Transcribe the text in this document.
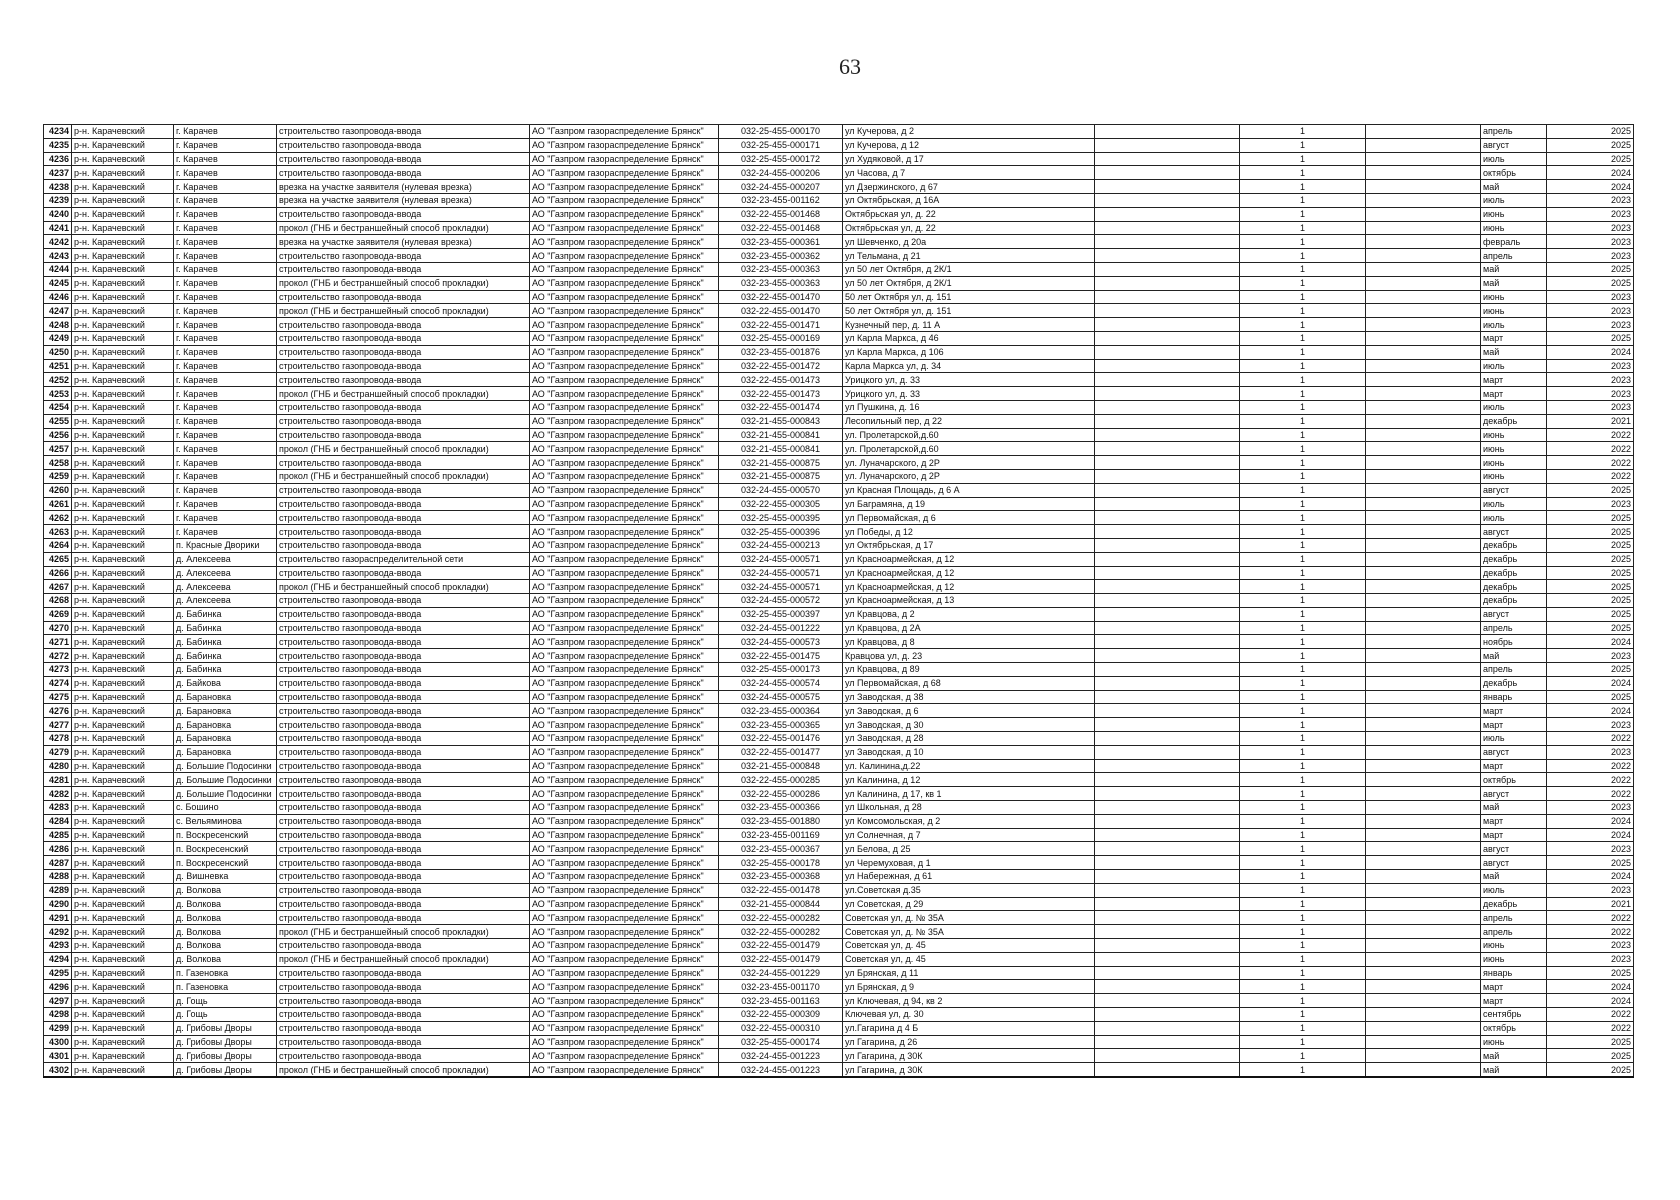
63
4234	р-н. Карачевский	г. Карачев	строительство газопровода-ввода	АО "Газпром газораспределение Брянск"	032-25-455-000170	ул Кучерова, д 2		1		апрель	2025
4235	р-н. Карачевский	г. Карачев	строительство газопровода-ввода	АО "Газпром газораспределение Брянск"	032-25-455-000171	ул Кучерова, д 12		1		август	2025
4236	р-н. Карачевский	г. Карачев	строительство газопровода-ввода	АО "Газпром газораспределение Брянск"	032-25-455-000172	ул Худяковой, д 17		1		июль	2025
4237	р-н. Карачевский	г. Карачев	строительство газопровода-ввода	АО "Газпром газораспределение Брянск"	032-24-455-000206	ул Часова, д 7		1		октябрь	2024
4238	р-н. Карачевский	г. Карачев	врезка на участке заявителя (нулевая врезка)	АО "Газпром газораспределение Брянск"	032-24-455-000207	ул Дзержинского, д 67		1		май	2024
4239	р-н. Карачевский	г. Карачев	врезка на участке заявителя (нулевая врезка)	АО "Газпром газораспределение Брянск"	032-23-455-001162	ул Октябрьская, д 16А		1		июль	2023
4240	р-н. Карачевский	г. Карачев	строительство газопровода-ввода	АО "Газпром газораспределение Брянск"	032-22-455-001468	Октябрьская ул, д. 22		1		июнь	2023
4241	р-н. Карачевский	г. Карачев	прокол (ГНБ и бестраншейный способ прокладки)	АО "Газпром газораспределение Брянск"	032-22-455-001468	Октябрьская ул, д. 22		1		июнь	2023
4242	р-н. Карачевский	г. Карачев	врезка на участке заявителя (нулевая врезка)	АО "Газпром газораспределение Брянск"	032-23-455-000361	ул Шевченко, д 20а		1		февраль	2023
4243	р-н. Карачевский	г. Карачев	строительство газопровода-ввода	АО "Газпром газораспределение Брянск"	032-23-455-000362	ул Тельмана, д 21		1		апрель	2023
4244	р-н. Карачевский	г. Карачев	строительство газопровода-ввода	АО "Газпром газораспределение Брянск"	032-23-455-000363	ул 50 лет Октября, д 2К/1		1		май	2025
4245	р-н. Карачевский	г. Карачев	прокол (ГНБ и бестраншейный способ прокладки)	АО "Газпром газораспределение Брянск"	032-23-455-000363	ул 50 лет Октября, д 2К/1		1		май	2025
4246	р-н. Карачевский	г. Карачев	строительство газопровода-ввода	АО "Газпром газораспределение Брянск"	032-22-455-001470	50 лет Октября ул, д. 151		1		июнь	2023
4247	р-н. Карачевский	г. Карачев	прокол (ГНБ и бестраншейный способ прокладки)	АО "Газпром газораспределение Брянск"	032-22-455-001470	50 лет Октября ул, д. 151		1		июнь	2023
4248	р-н. Карачевский	г. Карачев	строительство газопровода-ввода	АО "Газпром газораспределение Брянск"	032-22-455-001471	Кузнечный пер, д. 11 А		1		июль	2023
4249	р-н. Карачевский	г. Карачев	строительство газопровода-ввода	АО "Газпром газораспределение Брянск"	032-25-455-000169	ул Карла Маркса, д 46		1		март	2025
4250	р-н. Карачевский	г. Карачев	строительство газопровода-ввода	АО "Газпром газораспределение Брянск"	032-23-455-001876	ул Карла Маркса, д 106		1		май	2024
4251	р-н. Карачевский	г. Карачев	строительство газопровода-ввода	АО "Газпром газораспределение Брянск"	032-22-455-001472	Карла Маркса ул, д. 34		1		июль	2023
4252	р-н. Карачевский	г. Карачев	строительство газопровода-ввода	АО "Газпром газораспределение Брянск"	032-22-455-001473	Урицкого ул, д. 33		1		март	2023
4253	р-н. Карачевский	г. Карачев	прокол (ГНБ и бестраншейный способ прокладки)	АО "Газпром газораспределение Брянск"	032-22-455-001473	Урицкого ул, д. 33		1		март	2023
4254	р-н. Карачевский	г. Карачев	строительство газопровода-ввода	АО "Газпром газораспределение Брянск"	032-22-455-001474	ул Пушкина, д. 16		1		июль	2023
4255	р-н. Карачевский	г. Карачев	строительство газопровода-ввода	АО "Газпром газораспределение Брянск"	032-21-455-000843	Лесопильный пер, д 22		1		декабрь	2021
4256	р-н. Карачевский	г. Карачев	строительство газопровода-ввода	АО "Газпром газораспределение Брянск"	032-21-455-000841	ул. Пролетарской,д.60		1		июнь	2022
4257	р-н. Карачевский	г. Карачев	прокол (ГНБ и бестраншейный способ прокладки)	АО "Газпром газораспределение Брянск"	032-21-455-000841	ул. Пролетарской,д.60		1		июнь	2022
4258	р-н. Карачевский	г. Карачев	строительство газопровода-ввода	АО "Газпром газораспределение Брянск"	032-21-455-000875	ул. Луначарского, д 2Р		1		июнь	2022
4259	р-н. Карачевский	г. Карачев	прокол (ГНБ и бестраншейный способ прокладки)	АО "Газпром газораспределение Брянск"	032-21-455-000875	ул. Луначарского, д 2Р		1		июнь	2022
4260	р-н. Карачевский	г. Карачев	строительство газопровода-ввода	АО "Газпром газораспределение Брянск"	032-24-455-000570	ул Красная Площадь, д 6 А		1		август	2025
4261	р-н. Карачевский	г. Карачев	строительство газопровода-ввода	АО "Газпром газораспределение Брянск"	032-22-455-000305	ул Баграмяна, д 19		1		июль	2023
4262	р-н. Карачевский	г. Карачев	строительство газопровода-ввода	АО "Газпром газораспределение Брянск"	032-25-455-000395	ул Первомайская, д 6		1		июль	2025
4263	р-н. Карачевский	г. Карачев	строительство газопровода-ввода	АО "Газпром газораспределение Брянск"	032-25-455-000396	ул Победы, д 12		1		август	2025
4264	р-н. Карачевский	п. Красные Дворики	строительство газопровода-ввода	АО "Газпром газораспределение Брянск"	032-24-455-000213	ул Октябрьская, д 17		1		декабрь	2025
4265	р-н. Карачевский	д. Алексеева	строительство газораспределительной сети	АО "Газпром газораспределение Брянск"	032-24-455-000571	ул Красноармейская, д 12		1		декабрь	2025
4266	р-н. Карачевский	д. Алексеева	строительство газопровода-ввода	АО "Газпром газораспределение Брянск"	032-24-455-000571	ул Красноармейская, д 12		1		декабрь	2025
4267	р-н. Карачевский	д. Алексеева	прокол (ГНБ и бестраншейный способ прокладки)	АО "Газпром газораспределение Брянск"	032-24-455-000571	ул Красноармейская, д 12		1		декабрь	2025
4268	р-н. Карачевский	д. Алексеева	строительство газопровода-ввода	АО "Газпром газораспределение Брянск"	032-24-455-000572	ул Красноармейская, д 13		1		декабрь	2025
4269	р-н. Карачевский	д. Бабинка	строительство газопровода-ввода	АО "Газпром газораспределение Брянск"	032-25-455-000397	ул Кравцова, д 2		1		август	2025
4270	р-н. Карачевский	д. Бабинка	строительство газопровода-ввода	АО "Газпром газораспределение Брянск"	032-24-455-001222	ул Кравцова, д 2А		1		апрель	2025
4271	р-н. Карачевский	д. Бабинка	строительство газопровода-ввода	АО "Газпром газораспределение Брянск"	032-24-455-000573	ул Кравцова, д 8		1		ноябрь	2024
4272	р-н. Карачевский	д. Бабинка	строительство газопровода-ввода	АО "Газпром газораспределение Брянск"	032-22-455-001475	Кравцова ул, д. 23		1		май	2023
4273	р-н. Карачевский	д. Бабинка	строительство газопровода-ввода	АО "Газпром газораспределение Брянск"	032-25-455-000173	ул Кравцова, д 89		1		апрель	2025
4274	р-н. Карачевский	д. Байкова	строительство газопровода-ввода	АО "Газпром газораспределение Брянск"	032-24-455-000574	ул Первомайская, д 68		1		декабрь	2024
4275	р-н. Карачевский	д. Барановка	строительство газопровода-ввода	АО "Газпром газораспределение Брянск"	032-24-455-000575	ул Заводская, д 38		1		январь	2025
4276	р-н. Карачевский	д. Барановка	строительство газопровода-ввода	АО "Газпром газораспределение Брянск"	032-23-455-000364	ул Заводская, д 6		1		март	2024
4277	р-н. Карачевский	д. Барановка	строительство газопровода-ввода	АО "Газпром газораспределение Брянск"	032-23-455-000365	ул Заводская, д 30		1		март	2023
4278	р-н. Карачевский	д. Барановка	строительство газопровода-ввода	АО "Газпром газораспределение Брянск"	032-22-455-001476	ул Заводская, д 28		1		июль	2022
4279	р-н. Карачевский	д. Барановка	строительство газопровода-ввода	АО "Газпром газораспределение Брянск"	032-22-455-001477	ул Заводская, д 10		1		август	2023
4280	р-н. Карачевский	д. Большие Подосинки	строительство газопровода-ввода	АО "Газпром газораспределение Брянск"	032-21-455-000848	ул. Калинина,д.22		1		март	2022
4281	р-н. Карачевский	д. Большие Подосинки	строительство газопровода-ввода	АО "Газпром газораспределение Брянск"	032-22-455-000285	ул Калинина, д 12		1		октябрь	2022
4282	р-н. Карачевский	д. Большие Подосинки	строительство газопровода-ввода	АО "Газпром газораспределение Брянск"	032-22-455-000286	ул Калинина, д 17, кв 1		1		август	2022
4283	р-н. Карачевский	с. Бошино	строительство газопровода-ввода	АО "Газпром газораспределение Брянск"	032-23-455-000366	ул Школьная, д 28		1		май	2023
4284	р-н. Карачевский	с. Вельяминова	строительство газопровода-ввода	АО "Газпром газораспределение Брянск"	032-23-455-001880	ул Комсомольская, д 2		1		март	2024
4285	р-н. Карачевский	п. Воскресенский	строительство газопровода-ввода	АО "Газпром газораспределение Брянск"	032-23-455-001169	ул Солнечная, д 7		1		март	2024
4286	р-н. Карачевский	п. Воскресенский	строительство газопровода-ввода	АО "Газпром газораспределение Брянск"	032-23-455-000367	ул Белова, д 25		1		август	2023
4287	р-н. Карачевский	п. Воскресенский	строительство газопровода-ввода	АО "Газпром газораспределение Брянск"	032-25-455-000178	ул Черемуховая, д 1		1		август	2025
4288	р-н. Карачевский	д. Вишневка	строительство газопровода-ввода	АО "Газпром газораспределение Брянск"	032-23-455-000368	ул Набережная, д 61		1		май	2024
4289	р-н. Карачевский	д. Волкова	строительство газопровода-ввода	АО "Газпром газораспределение Брянск"	032-22-455-001478	ул.Советская д.35		1		июль	2023
4290	р-н. Карачевский	д. Волкова	строительство газопровода-ввода	АО "Газпром газораспределение Брянск"	032-21-455-000844	ул Советская, д 29		1		декабрь	2021
4291	р-н. Карачевский	д. Волкова	строительство газопровода-ввода	АО "Газпром газораспределение Брянск"	032-22-455-000282	Советская ул, д. № 35А		1		апрель	2022
4292	р-н. Карачевский	д. Волкова	прокол (ГНБ и бестраншейный способ прокладки)	АО "Газпром газораспределение Брянск"	032-22-455-000282	Советская ул, д. № 35А		1		апрель	2022
4293	р-н. Карачевский	д. Волкова	строительство газопровода-ввода	АО "Газпром газораспределение Брянск"	032-22-455-001479	Советская ул, д. 45		1		июнь	2023
4294	р-н. Карачевский	д. Волкова	прокол (ГНБ и бестраншейный способ прокладки)	АО "Газпром газораспределение Брянск"	032-22-455-001479	Советская ул, д. 45		1		июнь	2023
4295	р-н. Карачевский	п. Газеновка	строительство газопровода-ввода	АО "Газпром газораспределение Брянск"	032-24-455-001229	ул Брянская, д 11		1		январь	2025
4296	р-н. Карачевский	п. Газеновка	строительство газопровода-ввода	АО "Газпром газораспределение Брянск"	032-23-455-001170	ул Брянская, д 9		1		март	2024
4297	р-н. Карачевский	д. Гощь	строительство газопровода-ввода	АО "Газпром газораспределение Брянск"	032-23-455-001163	ул Ключевая, д 94, кв 2		1		март	2024
4298	р-н. Карачевский	д. Гощь	строительство газопровода-ввода	АО "Газпром газораспределение Брянск"	032-22-455-000309	Ключевая ул, д. 30		1		сентябрь	2022
4299	р-н. Карачевский	д. Грибовы Дворы	строительство газопровода-ввода	АО "Газпром газораспределение Брянск"	032-22-455-000310	ул.Гагарина д 4 Б		1		октябрь	2022
4300	р-н. Карачевский	д. Грибовы Дворы	строительство газопровода-ввода	АО "Газпром газораспределение Брянск"	032-25-455-000174	ул Гагарина, д 26		1		июнь	2025
4301	р-н. Карачевский	д. Грибовы Дворы	строительство газопровода-ввода	АО "Газпром газораспределение Брянск"	032-24-455-001223	ул Гагарина, д 30К		1		май	2025
4302	р-н. Карачевский	д. Грибовы Дворы	прокол (ГНБ и бестраншейный способ прокладки)	АО "Газпром газораспределение Брянск"	032-24-455-001223	ул Гагарина, д 30К		1		май	2025
